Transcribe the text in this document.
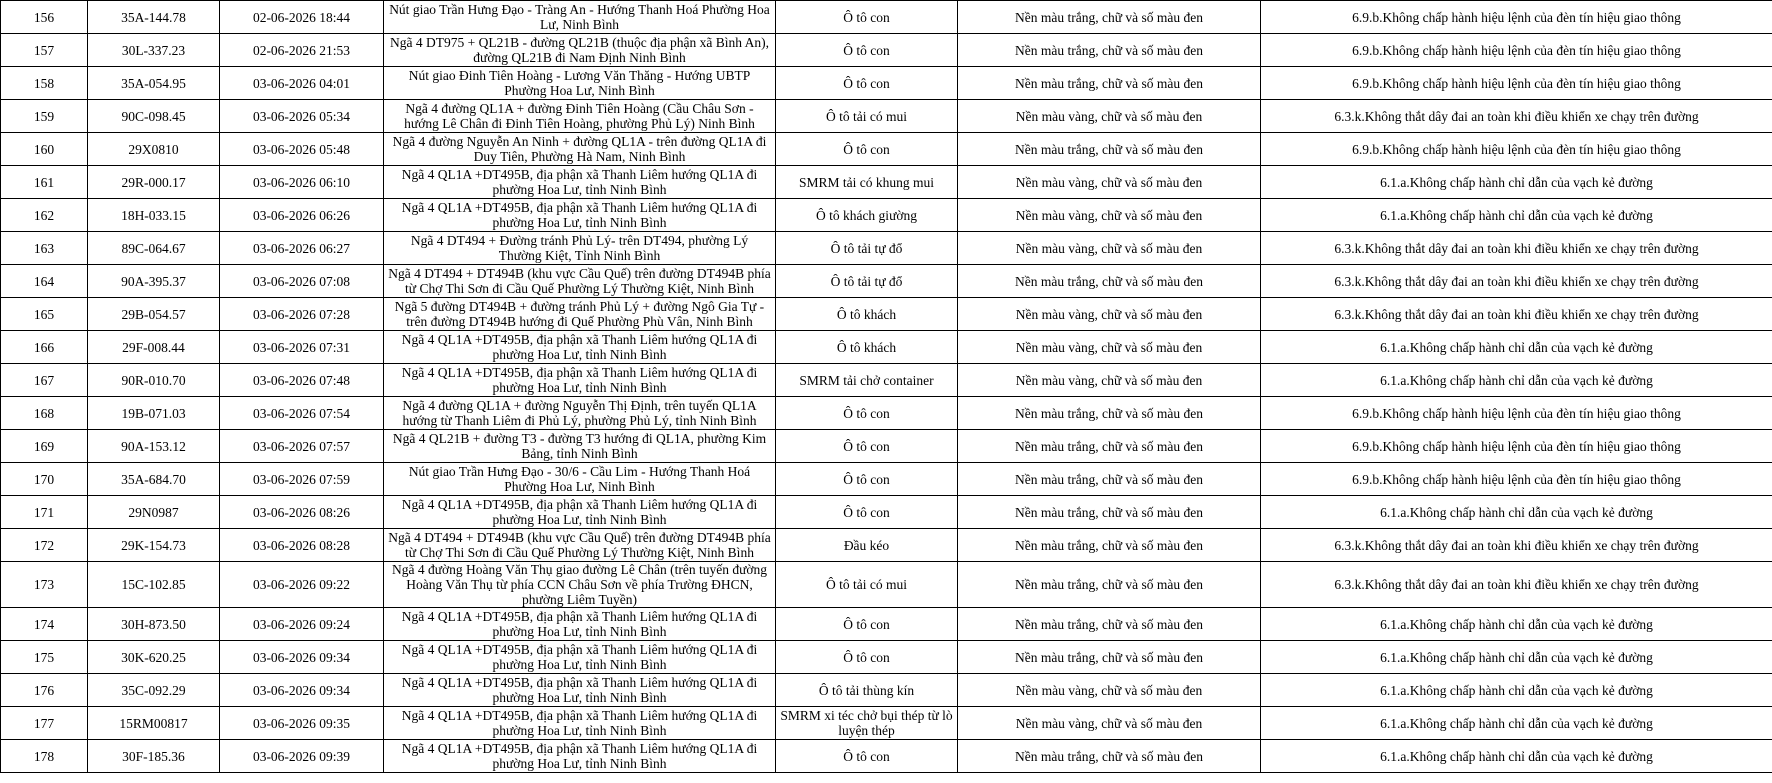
156	35A-144.78	02-06-2026 18:44	Nút giao Trần Hưng Đạo - Tràng An - Hướng Thanh Hoá Phường Hoa Lư, Ninh Bình	Ô tô con	Nền màu trắng, chữ và số màu đen	6.9.b.Không chấp hành hiệu lệnh của đèn tín hiệu giao thông
157	30L-337.23	02-06-2026 21:53	Ngã 4 DT975 + QL21B - đường QL21B (thuộc địa phận xã Bình An), đường QL21B đi Nam Định Ninh Bình	Ô tô con	Nền màu trắng, chữ và số màu đen	6.9.b.Không chấp hành hiệu lệnh của đèn tín hiệu giao thông
158	35A-054.95	03-06-2026 04:01	Nút giao Đinh Tiên Hoàng - Lương Văn Thăng - Hướng UBTP Phường Hoa Lư, Ninh Bình	Ô tô con	Nền màu trắng, chữ và số màu đen	6.9.b.Không chấp hành hiệu lệnh của đèn tín hiệu giao thông
159	90C-098.45	03-06-2026 05:34	Ngã 4 đường QL1A + đường Đinh Tiên Hoàng (Cầu Châu Sơn - hướng Lê Chân đi Đinh Tiên Hoàng, phường Phủ Lý) Ninh Bình	Ô tô tải có mui	Nền màu vàng, chữ và số màu đen	6.3.k.Không thắt dây đai an toàn khi điều khiển xe chạy trên đường
160	29X0810	03-06-2026 05:48	Ngã 4 đường Nguyễn An Ninh + đường QL1A - trên đường QL1A đi Duy Tiên, Phường Hà Nam, Ninh Bình	Ô tô con	Nền màu trắng, chữ và số màu đen	6.9.b.Không chấp hành hiệu lệnh của đèn tín hiệu giao thông
161	29R-000.17	03-06-2026 06:10	Ngã 4 QL1A +DT495B, địa phận xã Thanh Liêm hướng QL1A đi phường Hoa Lư, tỉnh Ninh Bình	SMRM tải có khung mui	Nền màu vàng, chữ và số màu đen	6.1.a.Không chấp hành chỉ dẫn của vạch kẻ đường
162	18H-033.15	03-06-2026 06:26	Ngã 4 QL1A +DT495B, địa phận xã Thanh Liêm hướng QL1A đi phường Hoa Lư, tỉnh Ninh Bình	Ô tô khách giường	Nền màu vàng, chữ và số màu đen	6.1.a.Không chấp hành chỉ dẫn của vạch kẻ đường
163	89C-064.67	03-06-2026 06:27	Ngã 4 DT494 + Đường tránh Phủ Lý- trên DT494, phường Lý Thường Kiệt, Tỉnh Ninh Bình	Ô tô tải tự đổ	Nền màu vàng, chữ và số màu đen	6.3.k.Không thắt dây đai an toàn khi điều khiển xe chạy trên đường
164	90A-395.37	03-06-2026 07:08	Ngã 4 DT494 + DT494B (khu vực Cầu Quế) trên đường DT494B phía từ Chợ Thi Sơn đi Cầu Quế Phường Lý Thường Kiệt, Ninh Bình	Ô tô tải tự đổ	Nền màu trắng, chữ và số màu đen	6.3.k.Không thắt dây đai an toàn khi điều khiển xe chạy trên đường
165	29B-054.57	03-06-2026 07:28	Ngã 5 đường DT494B + đường tránh Phủ Lý + đường Ngô Gia Tự - trên đường DT494B hướng đi Quế Phường Phù Vân, Ninh Bình	Ô tô khách	Nền màu vàng, chữ và số màu đen	6.3.k.Không thắt dây đai an toàn khi điều khiển xe chạy trên đường
166	29F-008.44	03-06-2026 07:31	Ngã 4 QL1A +DT495B, địa phận xã Thanh Liêm hướng QL1A đi phường Hoa Lư, tỉnh Ninh Bình	Ô tô khách	Nền màu vàng, chữ và số màu đen	6.1.a.Không chấp hành chỉ dẫn của vạch kẻ đường
167	90R-010.70	03-06-2026 07:48	Ngã 4 QL1A +DT495B, địa phận xã Thanh Liêm hướng QL1A đi phường Hoa Lư, tỉnh Ninh Bình	SMRM tải chở container	Nền màu vàng, chữ và số màu đen	6.1.a.Không chấp hành chỉ dẫn của vạch kẻ đường
168	19B-071.03	03-06-2026 07:54	Ngã 4 đường QL1A + đường Nguyễn Thị Định, trên tuyến QL1A hướng từ Thanh Liêm đi Phủ Lý, phường Phủ Lý, tỉnh Ninh Bình	Ô tô con	Nền màu trắng, chữ và số màu đen	6.9.b.Không chấp hành hiệu lệnh của đèn tín hiệu giao thông
169	90A-153.12	03-06-2026 07:57	Ngã 4 QL21B + đường T3 - đường T3 hướng đi QL1A, phường Kim Bảng, tỉnh Ninh Bình	Ô tô con	Nền màu trắng, chữ và số màu đen	6.9.b.Không chấp hành hiệu lệnh của đèn tín hiệu giao thông
170	35A-684.70	03-06-2026 07:59	Nút giao Trần Hưng Đạo - 30/6 - Cầu Lim - Hướng Thanh Hoá Phường Hoa Lư, Ninh Bình	Ô tô con	Nền màu trắng, chữ và số màu đen	6.9.b.Không chấp hành hiệu lệnh của đèn tín hiệu giao thông
171	29N0987	03-06-2026 08:26	Ngã 4 QL1A +DT495B, địa phận xã Thanh Liêm hướng QL1A đi phường Hoa Lư, tỉnh Ninh Bình	Ô tô con	Nền màu trắng, chữ và số màu đen	6.1.a.Không chấp hành chỉ dẫn của vạch kẻ đường
172	29K-154.73	03-06-2026 08:28	Ngã 4 DT494 + DT494B (khu vực Cầu Quế) trên đường DT494B phía từ Chợ Thi Sơn đi Cầu Quế Phường Lý Thường Kiệt, Ninh Bình	Đầu kéo	Nền màu trắng, chữ và số màu đen	6.3.k.Không thắt dây đai an toàn khi điều khiển xe chạy trên đường
173	15C-102.85	03-06-2026 09:22	Ngã 4 đường Hoàng Văn Thụ giao đường Lê Chân (trên tuyến đường Hoàng Văn Thụ từ phía CCN Châu Sơn về phía Trường ĐHCN, phường Liêm Tuyền)	Ô tô tải có mui	Nền màu trắng, chữ và số màu đen	6.3.k.Không thắt dây đai an toàn khi điều khiển xe chạy trên đường
174	30H-873.50	03-06-2026 09:24	Ngã 4 QL1A +DT495B, địa phận xã Thanh Liêm hướng QL1A đi phường Hoa Lư, tỉnh Ninh Bình	Ô tô con	Nền màu trắng, chữ và số màu đen	6.1.a.Không chấp hành chỉ dẫn của vạch kẻ đường
175	30K-620.25	03-06-2026 09:34	Ngã 4 QL1A +DT495B, địa phận xã Thanh Liêm hướng QL1A đi phường Hoa Lư, tỉnh Ninh Bình	Ô tô con	Nền màu trắng, chữ và số màu đen	6.1.a.Không chấp hành chỉ dẫn của vạch kẻ đường
176	35C-092.29	03-06-2026 09:34	Ngã 4 QL1A +DT495B, địa phận xã Thanh Liêm hướng QL1A đi phường Hoa Lư, tỉnh Ninh Bình	Ô tô tải thùng kín	Nền màu vàng, chữ và số màu đen	6.1.a.Không chấp hành chỉ dẫn của vạch kẻ đường
177	15RM00817	03-06-2026 09:35	Ngã 4 QL1A +DT495B, địa phận xã Thanh Liêm hướng QL1A đi phường Hoa Lư, tỉnh Ninh Bình	SMRM xi téc chở bụi thép từ lò luyện thép	Nền màu vàng, chữ và số màu đen	6.1.a.Không chấp hành chỉ dẫn của vạch kẻ đường
178	30F-185.36	03-06-2026 09:39	Ngã 4 QL1A +DT495B, địa phận xã Thanh Liêm hướng QL1A đi phường Hoa Lư, tỉnh Ninh Bình	Ô tô con	Nền màu trắng, chữ và số màu đen	6.1.a.Không chấp hành chỉ dẫn của vạch kẻ đường
